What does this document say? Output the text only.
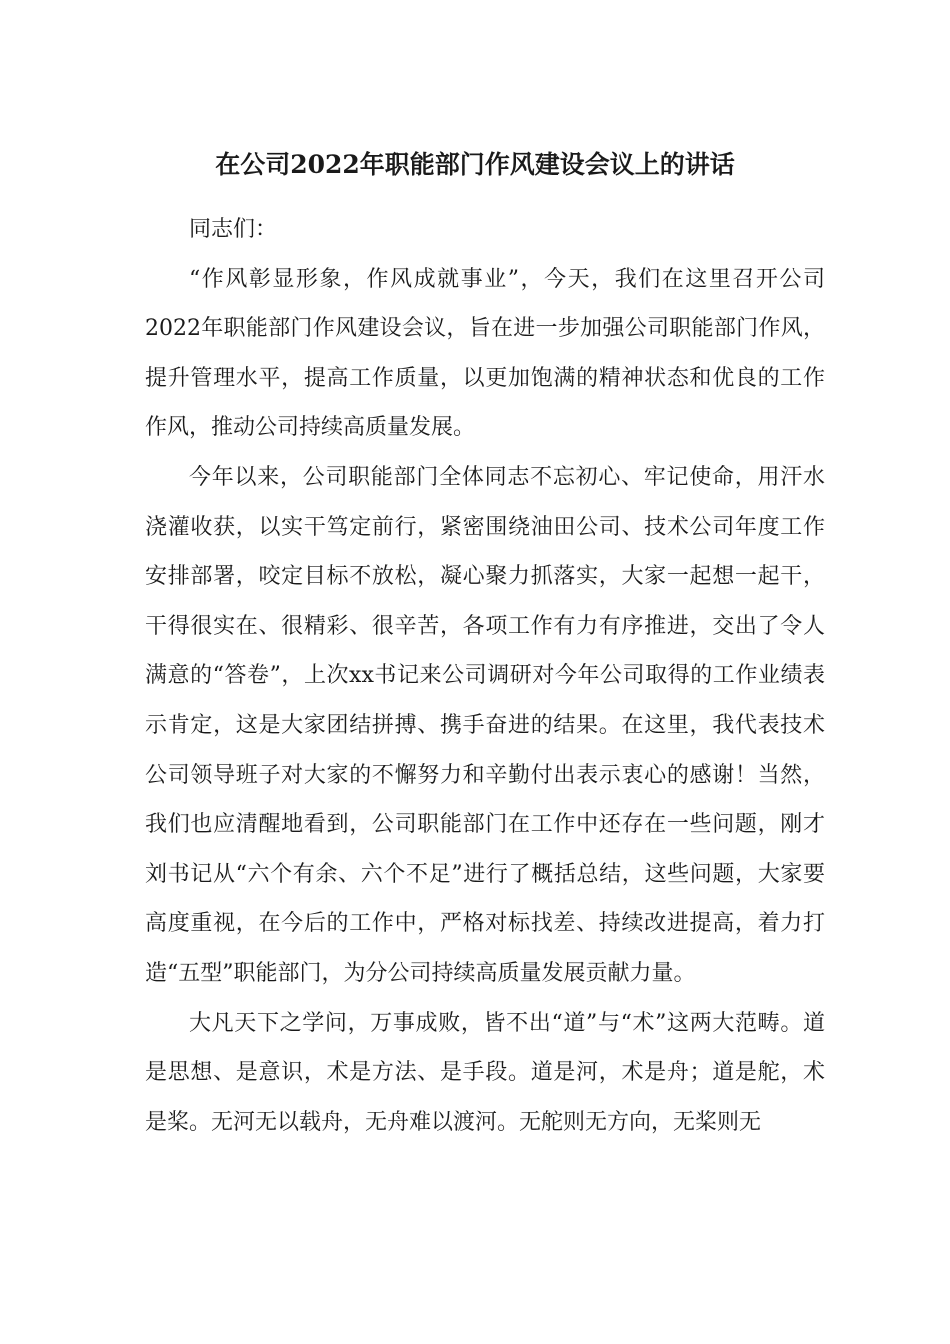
在公司2022年职能部门作风建设会议上的讲话

同志们：

“作风彰显形象，作风成就事业”，今天，我们在这里召开公司2022年职能部门作风建设会议，旨在进一步加强公司职能部门作风，提升管理水平，提高工作质量，以更加饱满的精神状态和优良的工作作风，推动公司持续高质量发展。

今年以来，公司职能部门全体同志不忘初心、牢记使命，用汗水浇灌收获，以实干笃定前行，紧密围绕油田公司、技术公司年度工作安排部署，咬定目标不放松，凝心聚力抓落实，大家一起想一起干，干得很实在、很精彩、很辛苦，各项工作有力有序推进，交出了令人满意的“答卷”，上次xx书记来公司调研对今年公司取得的工作业绩表示肯定，这是大家团结拼搏、携手奋进的结果。在这里，我代表技术公司领导班子对大家的不懈努力和辛勤付出表示衷心的感谢！当然，我们也应清醒地看到，公司职能部门在工作中还存在一些问题，刚才刘书记从“六个有余、六个不足”进行了概括总结，这些问题，大家要高度重视，在今后的工作中，严格对标找差、持续改进提高，着力打造“五型”职能部门，为分公司持续高质量发展贡献力量。

大凡天下之学问，万事成败，皆不出“道”与“术”这两大范畴。道是思想、是意识，术是方法、是手段。道是河，术是舟；道是舵，术是桨。无河无以载舟，无舟难以渡河。无舵则无方向，无桨则无
